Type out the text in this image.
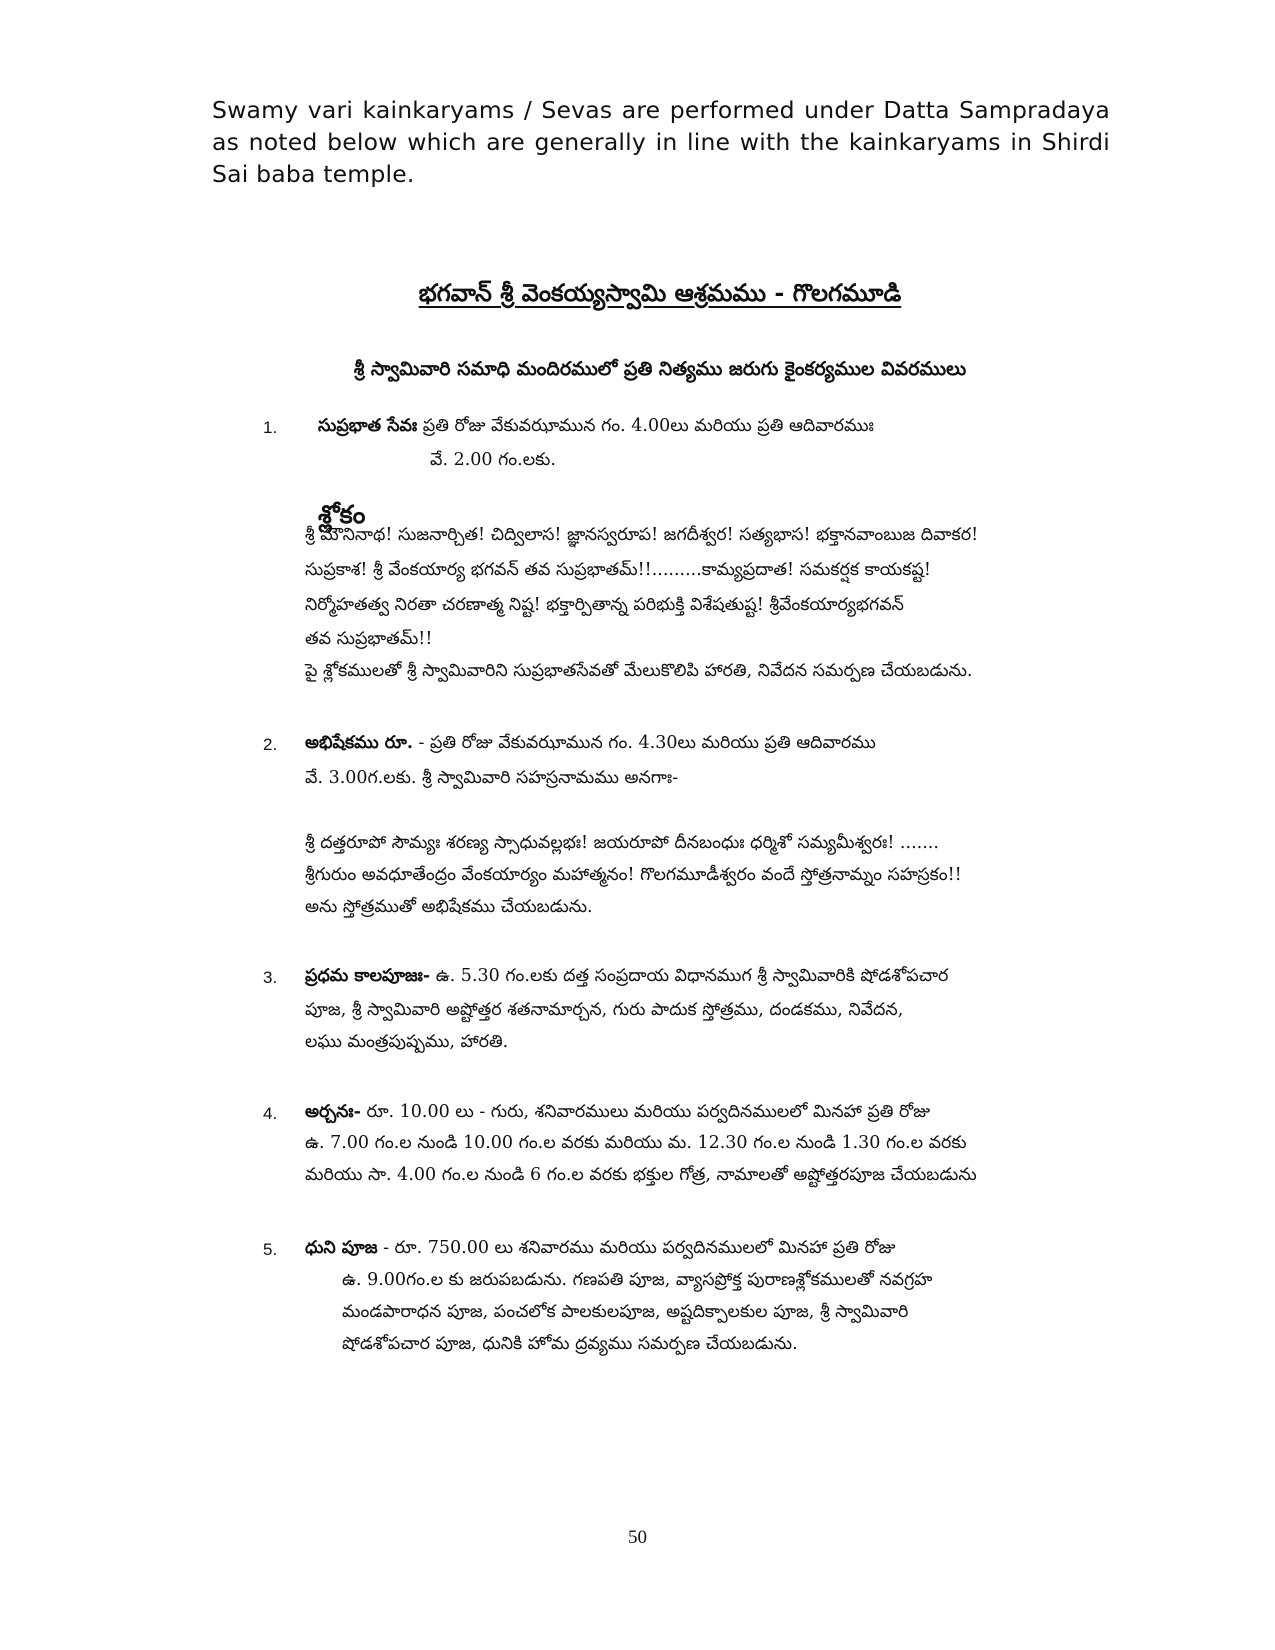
Swamy vari kainkaryams / Sevas are performed under Datta Sampradaya as noted below which are generally in line with the kainkaryams in Shirdi Sai baba temple.
భగవాన్ శ్రీ వెంకయ్యస్వామి ఆశ్రమము - గొలగమూడి
శ్రీ స్వామివారి సమాధి మందిరములో ప్రతి నిత్యము జరుగు కైంకర్యముల వివరములు
1. సుప్రభాత సేవః ప్రతి రోజు వేకువఝామున గం. 4.00లు మరియు ప్రతి ఆదివారముః
వే. 2.00 గం.లకు.
శ్లోకం
శ్రీ మౌనినాథ! సుజనార్చిత! చిద్విలాస! జ్ఞానస్వరూప! జగదీశ్వర! సత్యభాస! భక్తానవాంబుజ దివాకర!
సుప్రకాశ! శ్రీ వేంకయార్య భగవన్ తవ సుప్రభాతమ్!!.........కామ్యప్రదాత! సమకర్షక కాయకష్ట!
నిర్మోహతత్వ నిరతా చరణాత్మ నిష్ట! భక్తార్పితాన్న పరిభుక్తి విశేషతుష్ట! శ్రీవేంకయార్యభగవన్
తవ సుప్రభాతమ్!!
పై శ్లోకములతో శ్రీ స్వామివారిని సుప్రభాతసేవతో మేలుకొలిపి హారతి, నివేదన సమర్పణ చేయబడును.
2. అభిషేకము రూ. - ప్రతి రోజు వేకువఝామున గం. 4.30లు మరియు ప్రతి ఆదివారము
వే. 3.00గ.లకు. శ్రీ స్వామివారి సహస్రనామము అనగాః-
శ్రీ దత్తరూపో సౌమ్యః శరణ్య స్సాధువల్లభః! జయరూపో దీనబంధుః ధర్మిశో సమ్యమీశ్వరః! .......
శ్రీగురుం అవధూతేంద్రం వేంకయార్యం మహాత్మనం! గొలగమూడీశ్వరం వందే స్తోత్రనామ్నం సహస్రకం!!
అను స్తోత్రముతో అభిషేకము చేయబడును.
3. ప్రధమ కాలపూజః- ఉ. 5.30 గం.లకు దత్త సంప్రదాయ విధానముగ శ్రీ స్వామివారికి షోడశోపచార
పూజ, శ్రీ స్వామివారి అష్టోత్తర శతనామార్చన, గురు పాదుక స్తోత్రము, దండకము, నివేదన,
లఘు మంత్రపుష్పము, హారతి.
4. అర్చనః- రూ. 10.00 లు - గురు, శనివారములు మరియు పర్వదినములలో మినహా ప్రతి రోజు
ఉ. 7.00 గం.ల నుండి 10.00 గం.ల వరకు మరియు మ. 12.30 గం.ల నుండి 1.30 గం.ల వరకు
మరియు సా. 4.00 గం.ల నుండి 6 గం.ల వరకు భక్తుల గోత్ర, నామాలతో అష్టోత్తరపూజ చేయబడును
5. ధుని పూజ - రూ. 750.00 లు శనివారము మరియు పర్వదినములలో మినహా ప్రతి రోజు
ఉ. 9.00గం.ల కు జరుపబడును. గణపతి పూజ, వ్యాసప్రోక్త పురాణశ్లోకములతో నవగ్రహ
మండపారాధన పూజ, పంచలోక పాలకులపూజ, అష్టదిక్పాలకుల పూజ, శ్రీ స్వామివారి
షోడశోపచార పూజ, ధునికి హోమ ద్రవ్యము సమర్పణ చేయబడును.
50
